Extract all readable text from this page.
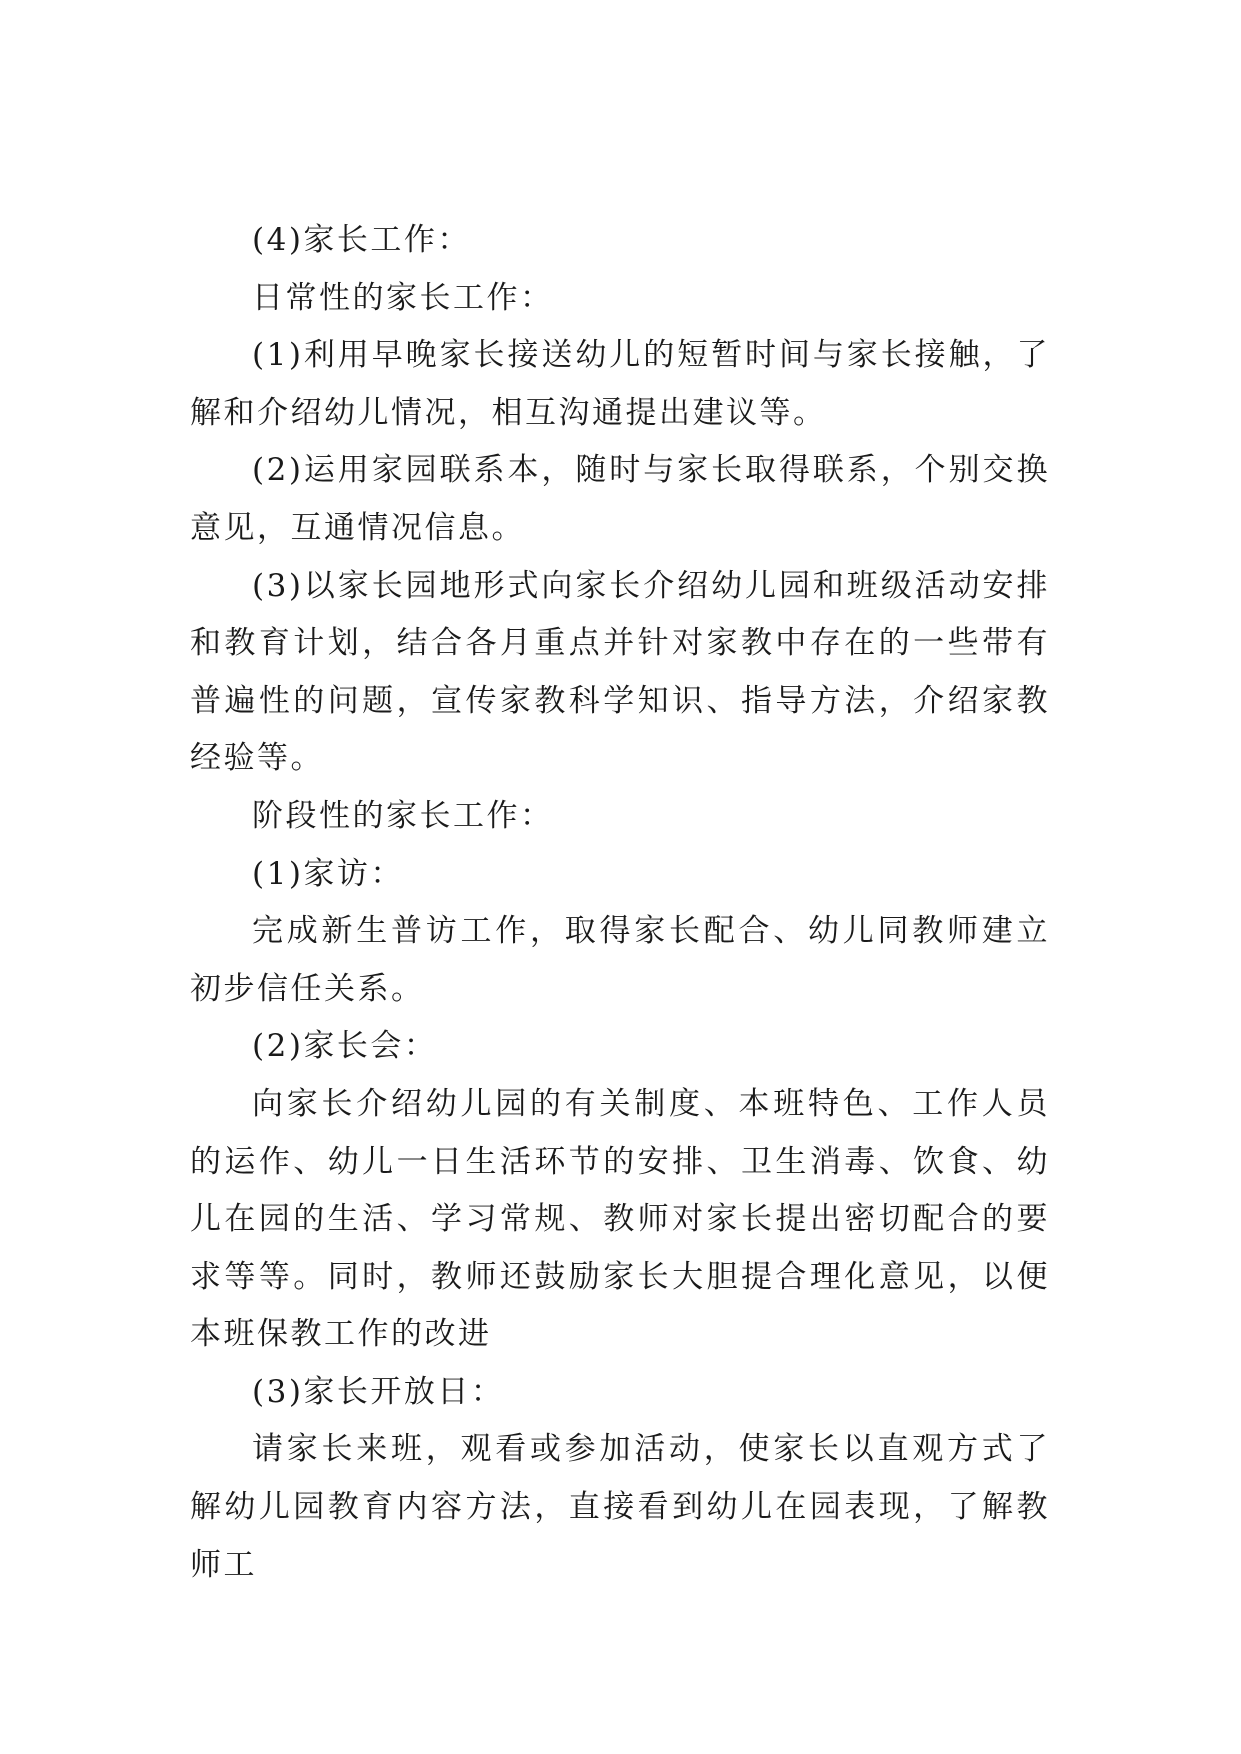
(4)家长工作：

日常性的家长工作：

(1)利用早晚家长接送幼儿的短暂时间与家长接触，了解和介绍幼儿情况，相互沟通提出建议等。

(2)运用家园联系本，随时与家长取得联系，个别交换意见，互通情况信息。

(3)以家长园地形式向家长介绍幼儿园和班级活动安排和教育计划，结合各月重点并针对家教中存在的一些带有普遍性的问题，宣传家教科学知识、指导方法，介绍家教经验等。

阶段性的家长工作：

(1)家访：

完成新生普访工作，取得家长配合、幼儿同教师建立初步信任关系。

(2)家长会：

向家长介绍幼儿园的有关制度、本班特色、工作人员的运作、幼儿一日生活环节的安排、卫生消毒、饮食、幼儿在园的生活、学习常规、教师对家长提出密切配合的要求等等。同时，教师还鼓励家长大胆提合理化意见，以便本班保教工作的改进

(3)家长开放日：

请家长来班，观看或参加活动，使家长以直观方式了解幼儿园教育内容方法，直接看到幼儿在园表现，了解教师工
